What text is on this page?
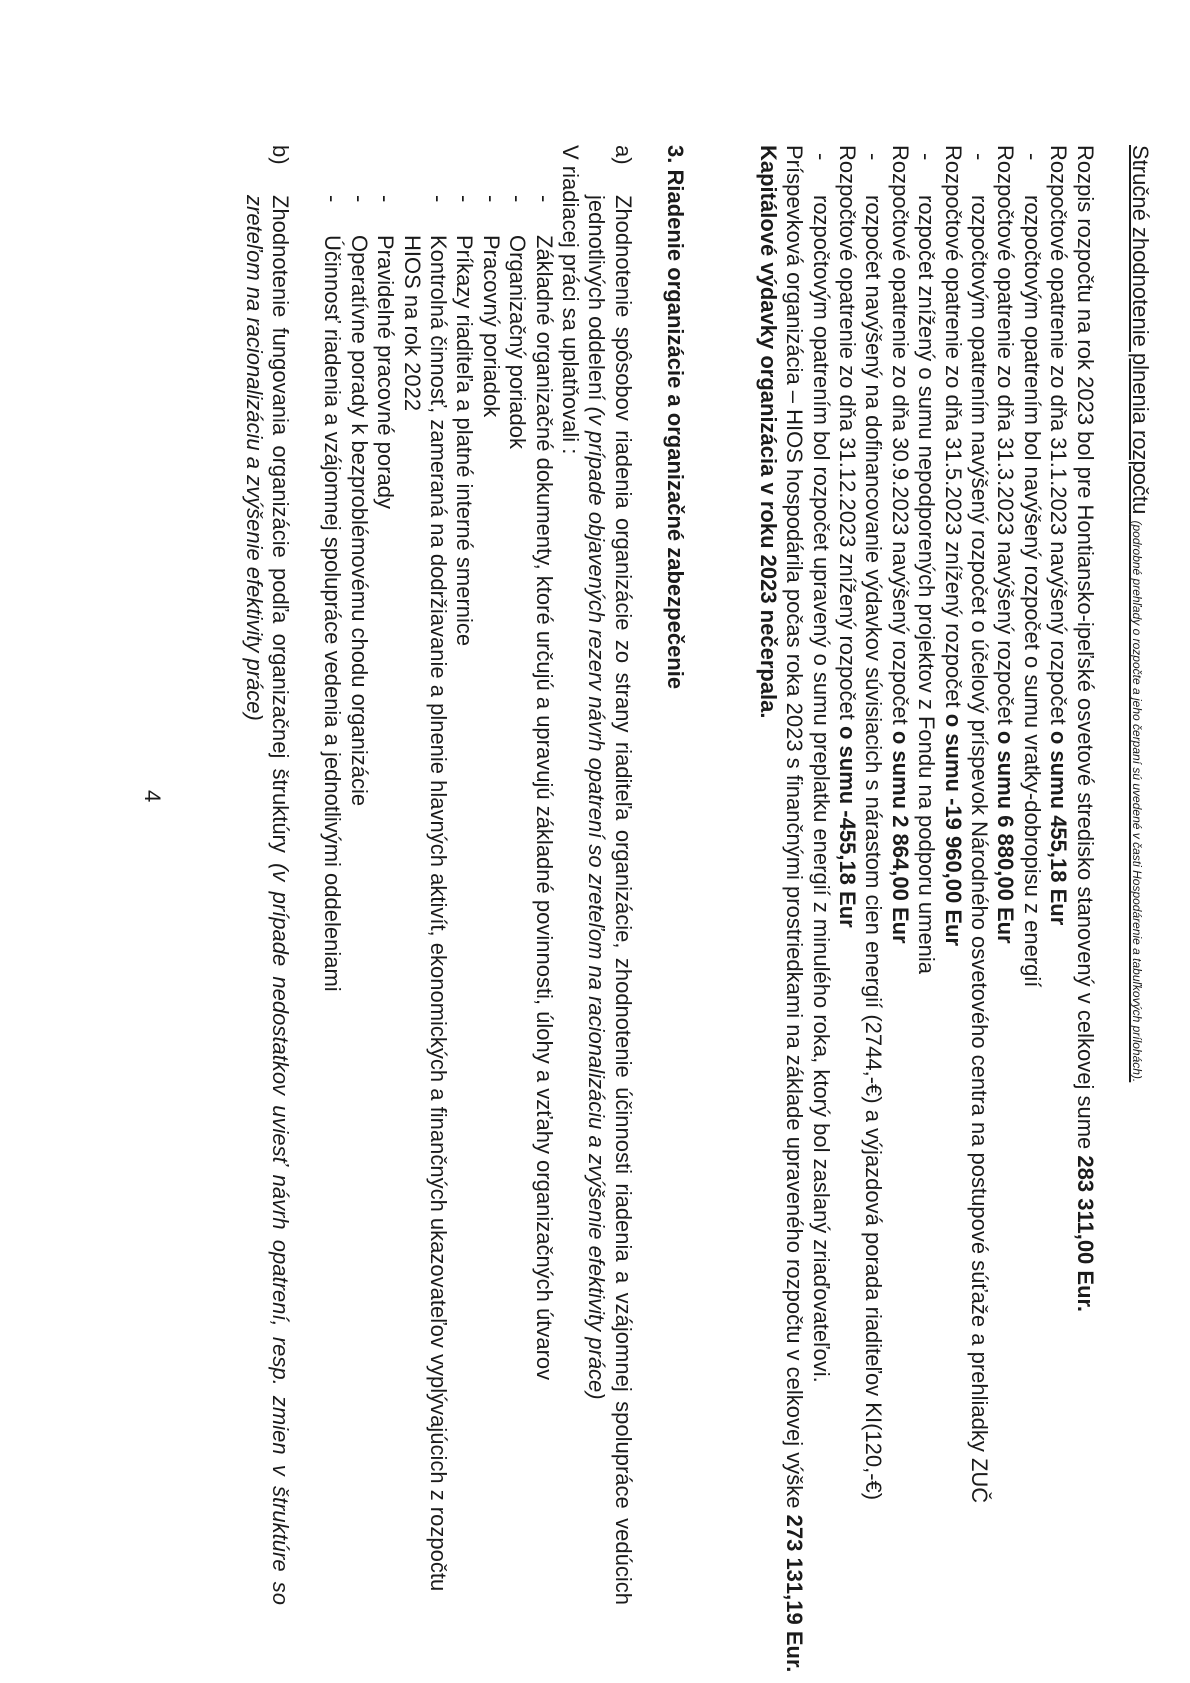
Stručné zhodnotenie plnenia rozpočtu (podrobné prehľady o rozpočte a jeho čerpaní sú uvedené v časti Hospodárenie a tabuľkových prílohách).
Rozpis rozpočtu na rok 2023 bol pre Hontiansko-ipeľské osvetové stredisko stanovený v celkovej sume 283 311,00 Eur.
Rozpočtové opatrenie zo dňa 31.1.2023 navýšený rozpočet o sumu 455,18 Eur
-
rozpočtovým opatrením bol navýšený rozpočet o sumu vratky-dobropisu z energií
Rozpočtové opatrenie zo dňa 31.3.2023 navýšený rozpočet o sumu 6 880,00 Eur
-
rozpočtovým opatrením navýšený rozpočet o účelový príspevok Národného osvetového centra na postupové súťaže a prehliadky ZUČ
Rozpočtové opatrenie zo dňa 31.5.2023 znížený rozpočet o sumu -19 960,00 Eur
-
rozpočet znížený o sumu nepodporených projektov z Fondu na podporu umenia
Rozpočtové opatrenie zo dňa 30.9.2023 navýšený rozpočet o sumu 2 864,00 Eur
-
rozpočet navýšený na dofinancovanie výdavkov súvisiacich s nárastom cien energií (2744,-€) a výjazdová porada riaditeľov KI(120,-€)
Rozpočtové opatrenie zo dňa 31.12.2023 znížený rozpočet o sumu -455,18 Eur
-
rozpočtovým opatrením bol rozpočet upravený o sumu preplatku energií z minulého roka, ktorý bol zaslaný zriaďovateľovi.
Príspevková organizácia – HIOS hospodárila počas roka 2023 s finančnými prostriedkami na základe upraveného rozpočtu v celkovej výške 273 131,19 Eur.
Kapitálové výdavky organizácia v roku 2023 nečerpala.
3. Riadenie organizácie a organizačné zabezpečenie
a)
Zhodnotenie spôsobov riadenia organizácie zo strany riaditeľa organizácie, zhodnotenie účinnosti riadenia a vzájomnej spolupráce vedúcich jednotlivých oddelení (v prípade objavených rezerv návrh opatrení so zreteľom na racionalizáciu a zvýšenie efektivity práce)
V riadiacej práci sa uplatňovali :
-
Základné organizačné dokumenty, ktoré určujú a upravujú základné povinnosti, úlohy a vzťahy organizačných útvarov
-
Organizačný poriadok
-
Pracovný poriadok
-
Príkazy riaditeľa a platné interné smernice
-
Kontrolná činnosť, zameraná na dodržiavanie a plnenie hlavných aktivít, ekonomických a finančných ukazovateľov vyplývajúcich z rozpočtu HIOS na rok 2022
-
Pravidelné pracovné porady
-
Operatívne porady k bezproblémovému chodu organizácie
-
Účinnosť riadenia a vzájomnej spolupráce vedenia a jednotlivými oddeleniami
b)
Zhodnotenie fungovania organizácie podľa organizačnej štruktúry (v prípade nedostatkov uviesť návrh opatrení, resp. zmien v štruktúre so zreteľom na racionalizáciu a zvýšenie efektivity práce)
4
